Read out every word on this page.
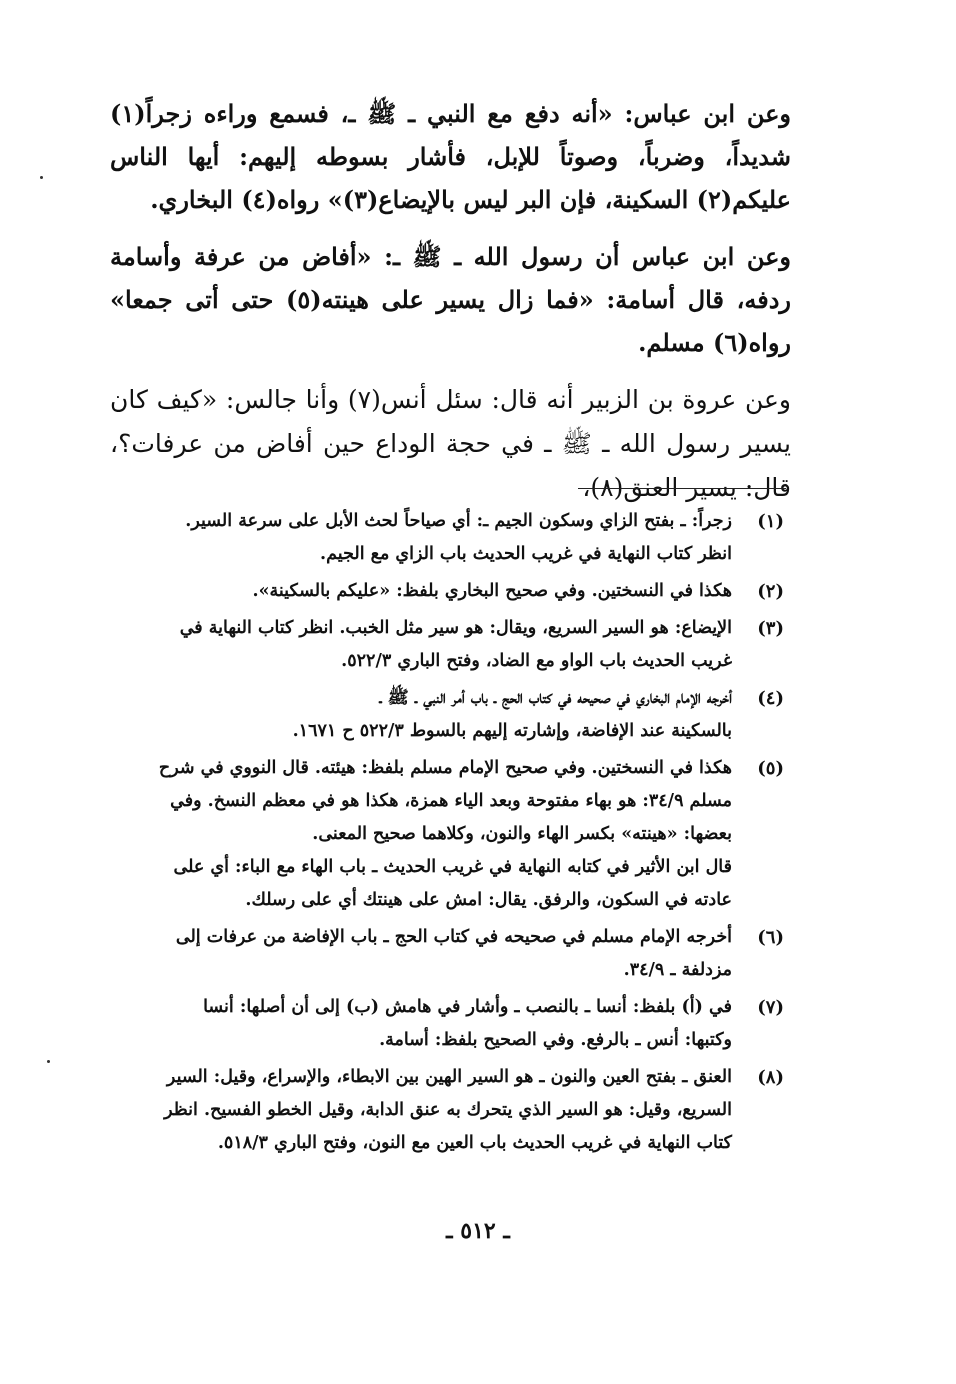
وعن ابن عباس: «أنه دفع مع النبي ـ ﷺ ـ، فسمع وراءه زجراً(١) شديداً، وضرباً، وصوتاً للإبل، فأشار بسوطه إليهم: أيها الناس عليكم(٢) السكينة، فإن البر ليس بالإيضاع(٣)» رواه(٤) البخاري.

وعن ابن عباس أن رسول الله ـ ﷺ ـ: «أفاض من عرفة وأسامة ردفه، قال أسامة: «فما زال يسير على هينته(٥) حتى أتى جمعا» رواه(٦) مسلم.

وعن عروة بن الزبير أنه قال: سئل أنس(٧) وأنا جالس: «كيف كان يسير رسول الله ـ ﷺ ـ في حجة الوداع حين أفاض من عرفات؟، قال: يسير العنق(٨)،

(١)
زجراً: ـ بفتح الزاي وسكون الجيم ـ: أي صياحاً لحث الأبل على سرعة السير.
انظر كتاب النهاية في غريب الحديث باب الزاي مع الجيم.
(٢)
هكذا في النسختين. وفي صحيح البخاري بلفظ: «عليكم بالسكينة».
(٣)
الإيضاع: هو السير السريع، ويقال: هو سير مثل الخبب. انظر كتاب النهاية في
غريب الحديث باب الواو مع الضاد، وفتح الباري ٥٢٢/٣.
(٤)
أخرجه الإمام البخاري في صحيحه في كتاب الحج ـ باب أمر النبي ـ ﷺ ـ
بالسكينة عند الإفاضة، وإشارته إليهم بالسوط ٥٢٢/٣ ح ١٦٧١.
(٥)
هكذا في النسختين. وفي صحيح الإمام مسلم بلفظ: هيئته. قال النووي في شرح
مسلم ٣٤/٩: هو بهاء مفتوحة وبعد الياء همزة، هكذا هو في معظم النسخ. وفي
بعضها: «هينته» بكسر الهاء والنون، وكلاهما صحيح المعنى.
قال ابن الأثير في كتابه النهاية في غريب الحديث ـ باب الهاء مع الباء: أي على
عادته في السكون، والرفق. يقال: امش على هينتك أي على رسلك.
(٦)
أخرجه الإمام مسلم في صحيحه في كتاب الحج ـ باب الإفاضة من عرفات إلى
مزدلفة ـ ٣٤/٩.
(٧)
في (أ) بلفظ: أنسا ـ بالنصب ـ وأشار في هامش (ب) إلى أن أصلها: أنسا
وكتبها: أنس ـ بالرفع. وفي الصحيح بلفظ: أسامة.
(٨)
العنق ـ بفتح العين والنون ـ هو السير الهين بين الابطاء، والإسراع، وقيل: السير
السريع، وقيل: هو السير الذي يتحرك به عنق الدابة، وقيل الخطو الفسيح. انظر
كتاب النهاية في غريب الحديث باب العين مع النون، وفتح الباري ٥١٨/٣.
ـ ٥١٢ ـ
